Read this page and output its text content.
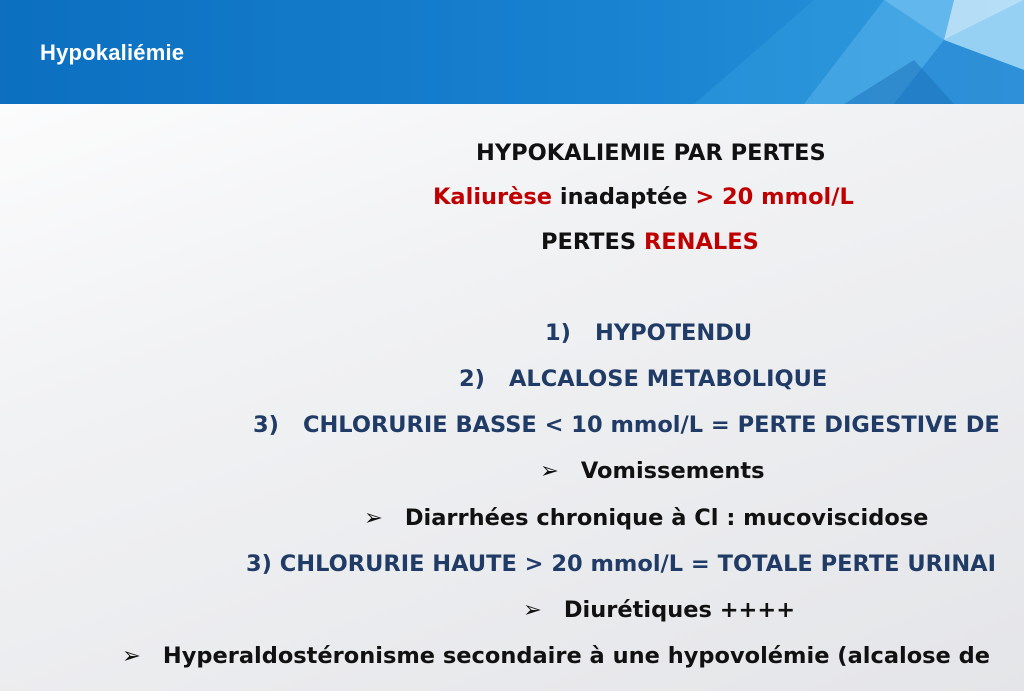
Hypokaliémie
HYPOKALIEMIE PAR PERTES
Kaliurèse inadaptée > 20 mmol/L
PERTES RENALES
1) HYPOTENDU
2) ALCALOSE METABOLIQUE
3) CHLORURIE BASSE < 10 mmol/L = PERTE DIGESTIVE DE
➢ Vomissements
➢ Diarrhées chronique à Cl : mucoviscidose
3) CHLORURIE HAUTE > 20 mmol/L = TOTALE PERTE URINAI
➢ Diurétiques ++++
➢ Hyperaldostéronisme secondaire à une hypovolémie (alcalose de
